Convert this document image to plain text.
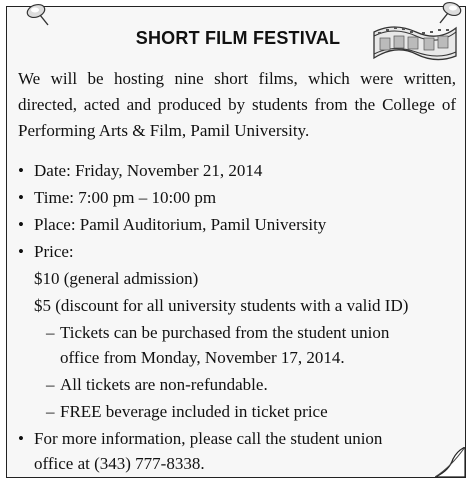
SHORT FILM FESTIVAL

We will be hosting nine short films, which were written, directed, acted and produced by students from the College of Performing Arts & Film, Pamil University.

• Date: Friday, November 21, 2014
• Time: 7:00 pm – 10:00 pm
• Place: Pamil Auditorium, Pamil University
• Price:
$10 (general admission)
$5 (discount for all university students with a valid ID)
– Tickets can be purchased from the student union
office from Monday, November 17, 2014.
– All tickets are non-refundable.
– FREE beverage included in ticket price
• For more information, please call the student union
office at (343) 777-8338.
